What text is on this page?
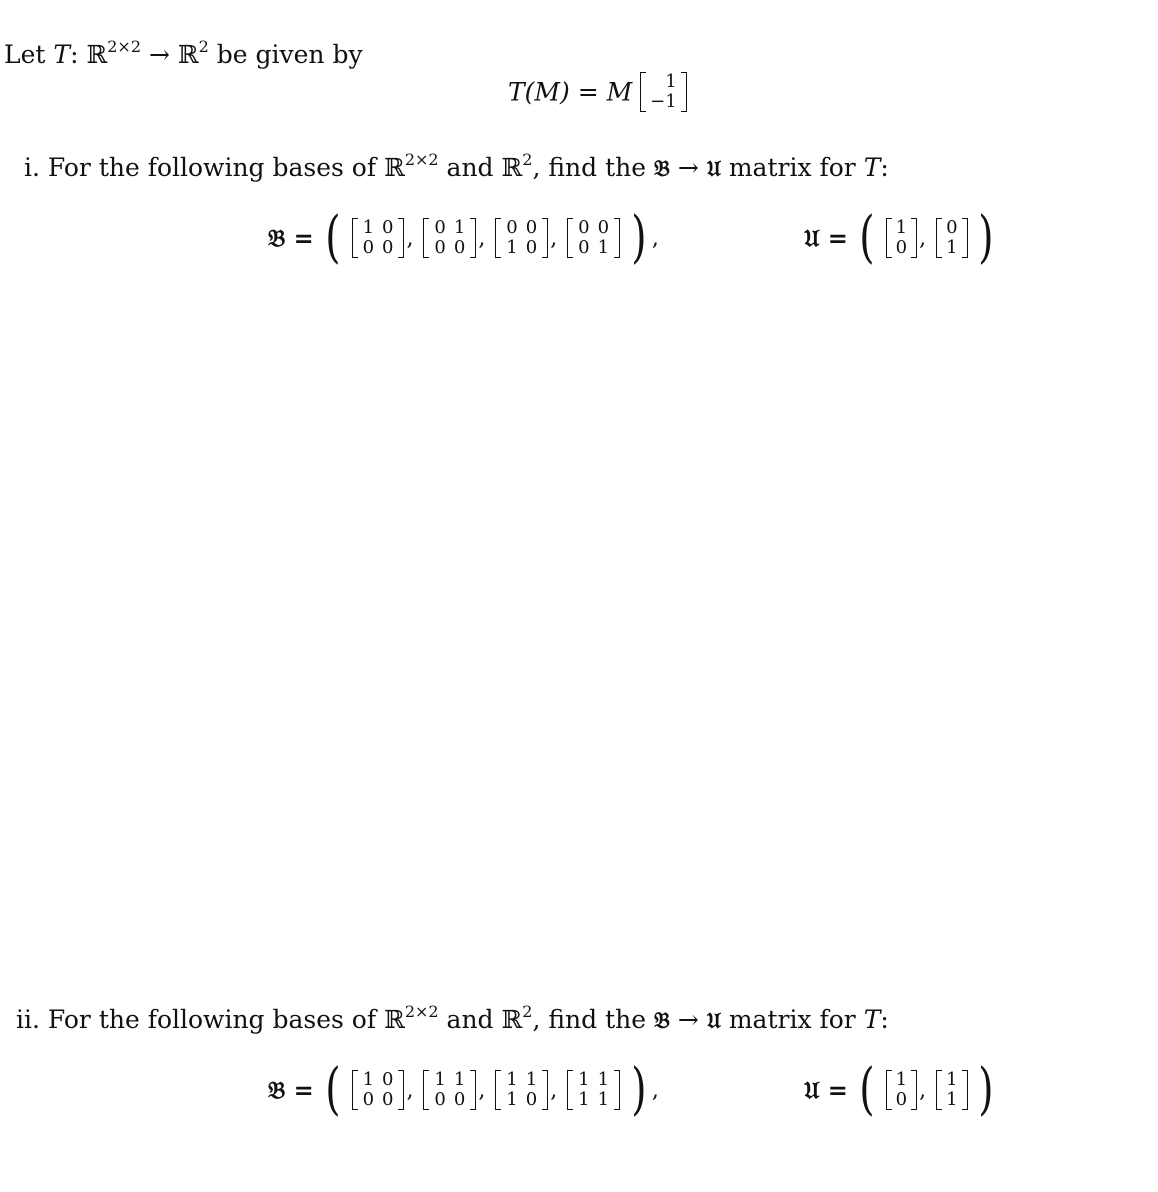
Let T: ℝ$^{2\times 2}$ → ℝ$^2$ be given by
T(M) = M 1
−1
i. For the following bases of ℝ$^{2\times 2}$ and ℝ$^2$, find the 𝔅 → 𝔘 matrix for T:
𝔅 = ( 1	0
0	0 , 0	1
0	0 , 0	0
1	0 , 0	0
0	1 ) ,	𝔘 = ( 1
0 , 0
1 )
ii. For the following bases of ℝ$^{2\times 2}$ and ℝ$^2$, find the 𝔅 → 𝔘 matrix for T:
𝔅 = ( 1	0
0	0 , 1	1
0	0 , 1	1
1	0 , 1	1
1	1 ) ,	𝔘 = ( 1
0 , 1
1 )
